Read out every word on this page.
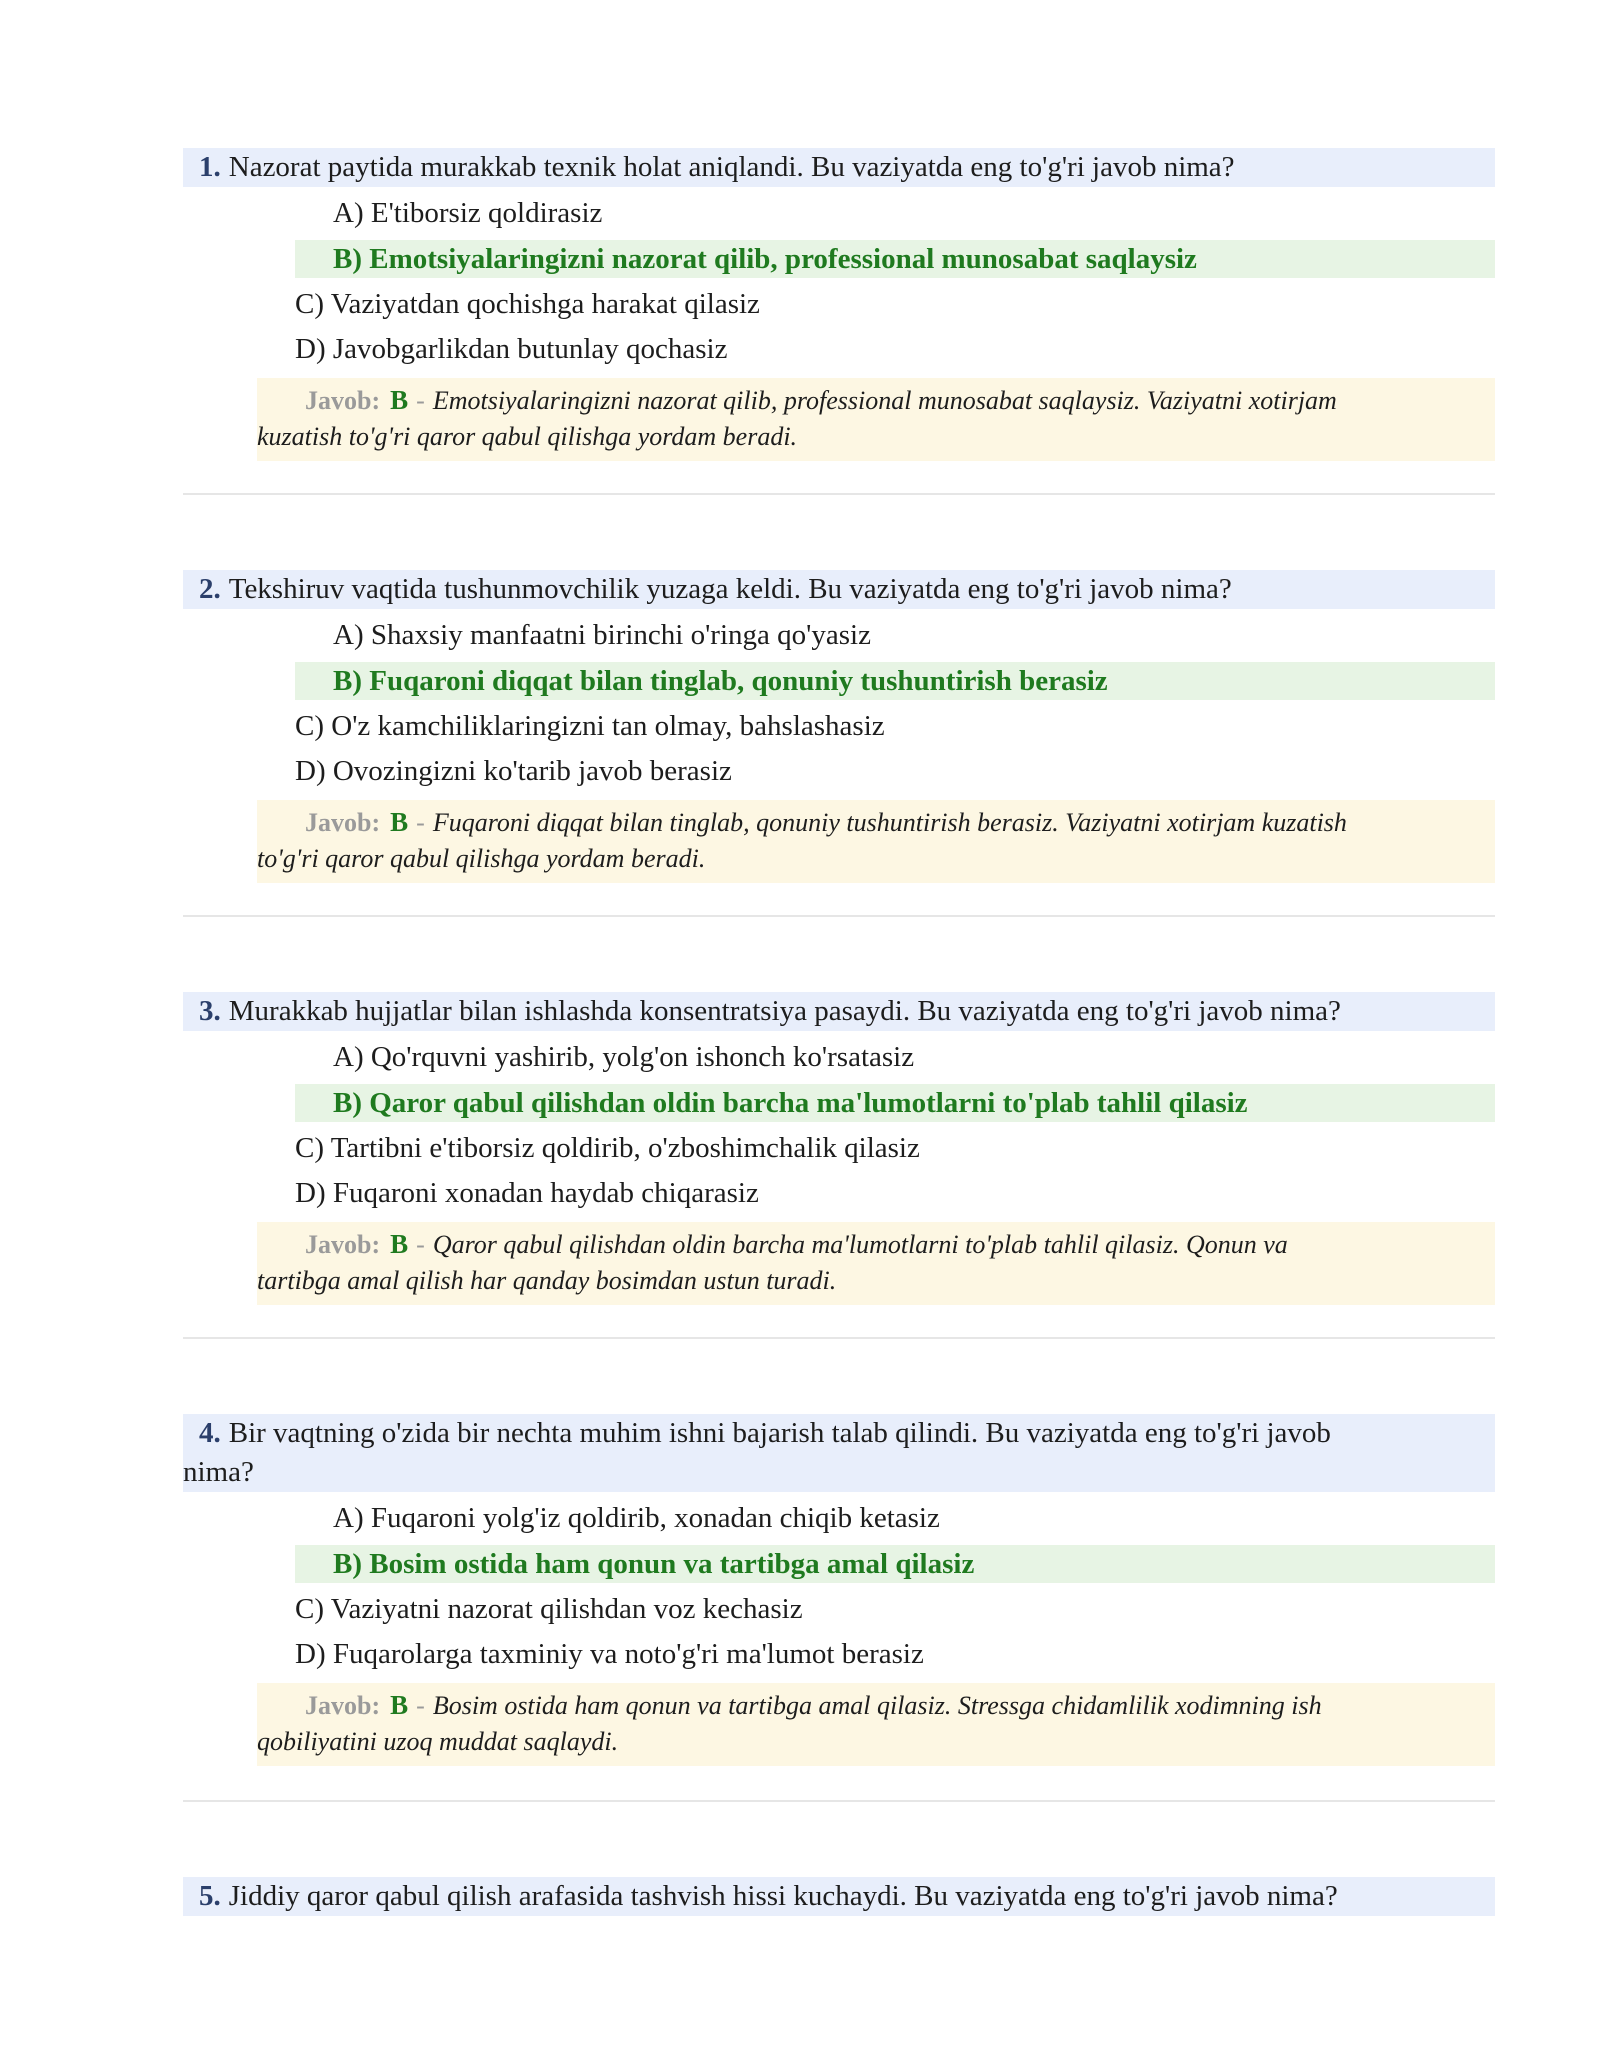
1. Nazorat paytida murakkab texnik holat aniqlandi. Bu vaziyatda eng to'g'ri javob nima?
A) E'tiborsiz qoldirasiz
B) Emotsiyalaringizni nazorat qilib, professional munosabat saqlaysiz
C) Vaziyatdan qochishga harakat qilasiz
D) Javobgarlikdan butunlay qochasiz
Javob: B - Emotsiyalaringizni nazorat qilib, professional munosabat saqlaysiz. Vaziyatni xotirjam
kuzatish to'g'ri qaror qabul qilishga yordam beradi.
2. Tekshiruv vaqtida tushunmovchilik yuzaga keldi. Bu vaziyatda eng to'g'ri javob nima?
A) Shaxsiy manfaatni birinchi o'ringa qo'yasiz
B) Fuqaroni diqqat bilan tinglab, qonuniy tushuntirish berasiz
C) O'z kamchiliklaringizni tan olmay, bahslashasiz
D) Ovozingizni ko'tarib javob berasiz
Javob: B - Fuqaroni diqqat bilan tinglab, qonuniy tushuntirish berasiz. Vaziyatni xotirjam kuzatish
to'g'ri qaror qabul qilishga yordam beradi.
3. Murakkab hujjatlar bilan ishlashda konsentratsiya pasaydi. Bu vaziyatda eng to'g'ri javob nima?
A) Qo'rquvni yashirib, yolg'on ishonch ko'rsatasiz
B) Qaror qabul qilishdan oldin barcha ma'lumotlarni to'plab tahlil qilasiz
C) Tartibni e'tiborsiz qoldirib, o'zboshimchalik qilasiz
D) Fuqaroni xonadan haydab chiqarasiz
Javob: B - Qaror qabul qilishdan oldin barcha ma'lumotlarni to'plab tahlil qilasiz. Qonun va
tartibga amal qilish har qanday bosimdan ustun turadi.
4. Bir vaqtning o'zida bir nechta muhim ishni bajarish talab qilindi. Bu vaziyatda eng to'g'ri javob
nima?
A) Fuqaroni yolg'iz qoldirib, xonadan chiqib ketasiz
B) Bosim ostida ham qonun va tartibga amal qilasiz
C) Vaziyatni nazorat qilishdan voz kechasiz
D) Fuqarolarga taxminiy va noto'g'ri ma'lumot berasiz
Javob: B - Bosim ostida ham qonun va tartibga amal qilasiz. Stressga chidamlilik xodimning ish
qobiliyatini uzoq muddat saqlaydi.
5. Jiddiy qaror qabul qilish arafasida tashvish hissi kuchaydi. Bu vaziyatda eng to'g'ri javob nima?
